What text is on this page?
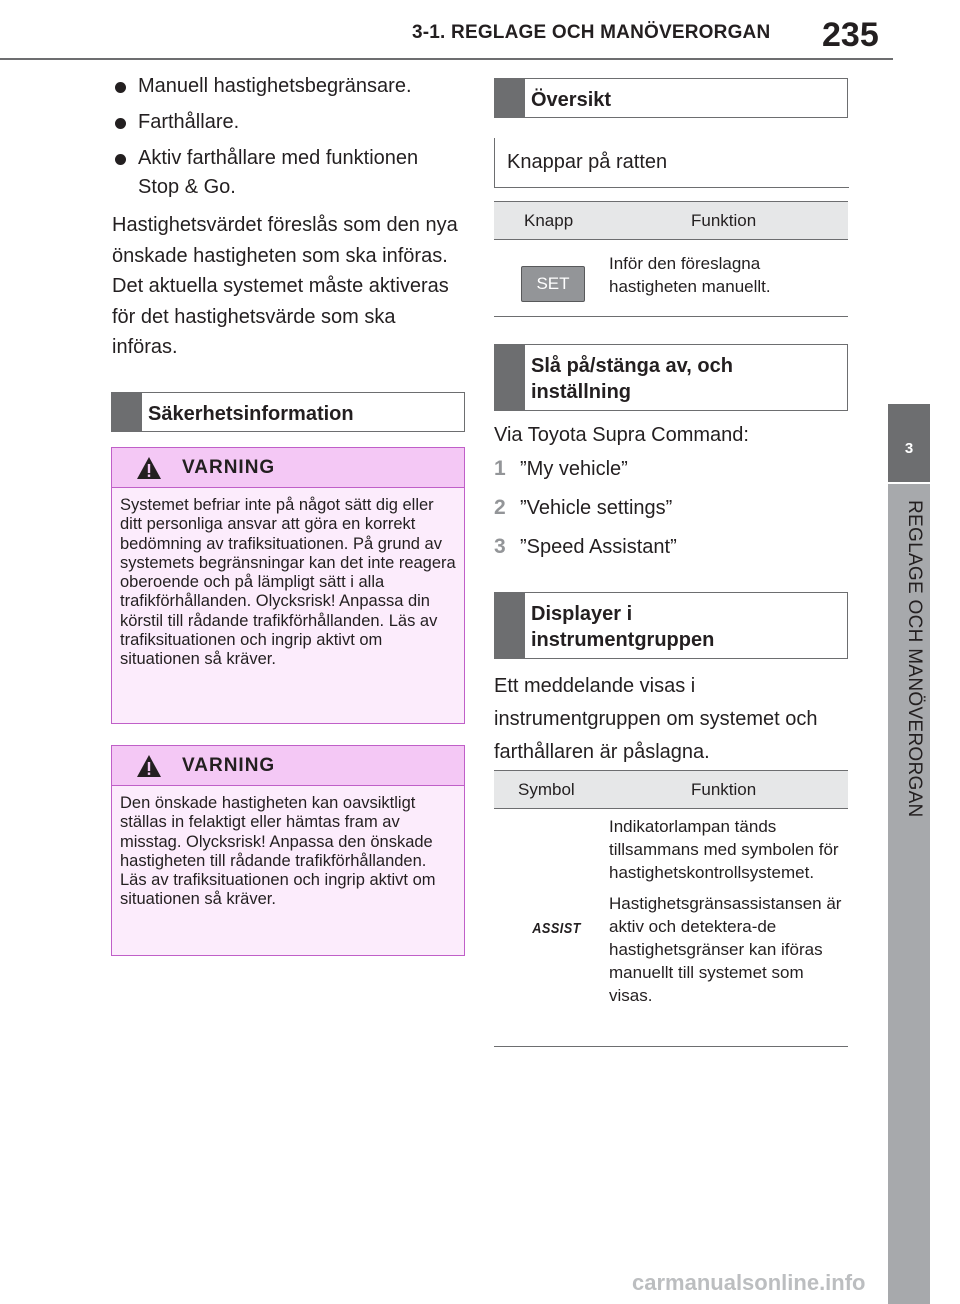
3-1. REGLAGE OCH MANÖVERORGAN 235
3
REGLAGE OCH MANÖVERORGAN
Manuell hastighetsbegränsare.
Farthållare.
Aktiv farthållare med funktionen Stop & Go.

Hastighetsvärdet föreslås som den nya önskade hastigheten som ska införas. Det aktuella systemet måste aktiveras för det hastighetsvärde som ska införas.

Säkerhetsinformation
VARNING
Systemet befriar inte på något sätt dig eller ditt personliga ansvar att göra en korrekt bedömning av trafiksituationen. På grund av systemets begränsningar kan det inte reagera oberoende och på lämpligt sätt i alla trafikförhållanden. Olycksrisk! Anpassa din körstil till rådande trafikförhållanden. Läs av trafiksituationen och ingrip aktivt om situationen så kräver.
VARNING
Den önskade hastigheten kan oavsiktligt ställas in felaktigt eller hämtas fram av misstag. Olycksrisk! Anpassa den önskade hastigheten till rådande trafikförhållanden. Läs av trafiksituationen och ingrip aktivt om situationen så kräver.
Översikt
Knappar på ratten
Knapp	Funktion
SET	Inför den föreslagna hastigheten manuellt.
Slå på/stänga av, och inställning
Via Toyota Supra Command:
1 ”My vehicle”
2 ”Vehicle settings”
3 ”Speed Assistant”
Displayer i instrumentgruppen
Ett meddelande visas i instrumentgruppen om systemet och farthållaren är påslagna.
Symbol	Funktion
ASSIST	Indikatorlampan tänds tillsammans med symbolen för hastighetskontrollsystemet.
Hastighetsgränsassistansen är aktiv och detektera-de hastighetsgränser kan iföras manuellt till systemet som visas.
carmanualsonline.info
